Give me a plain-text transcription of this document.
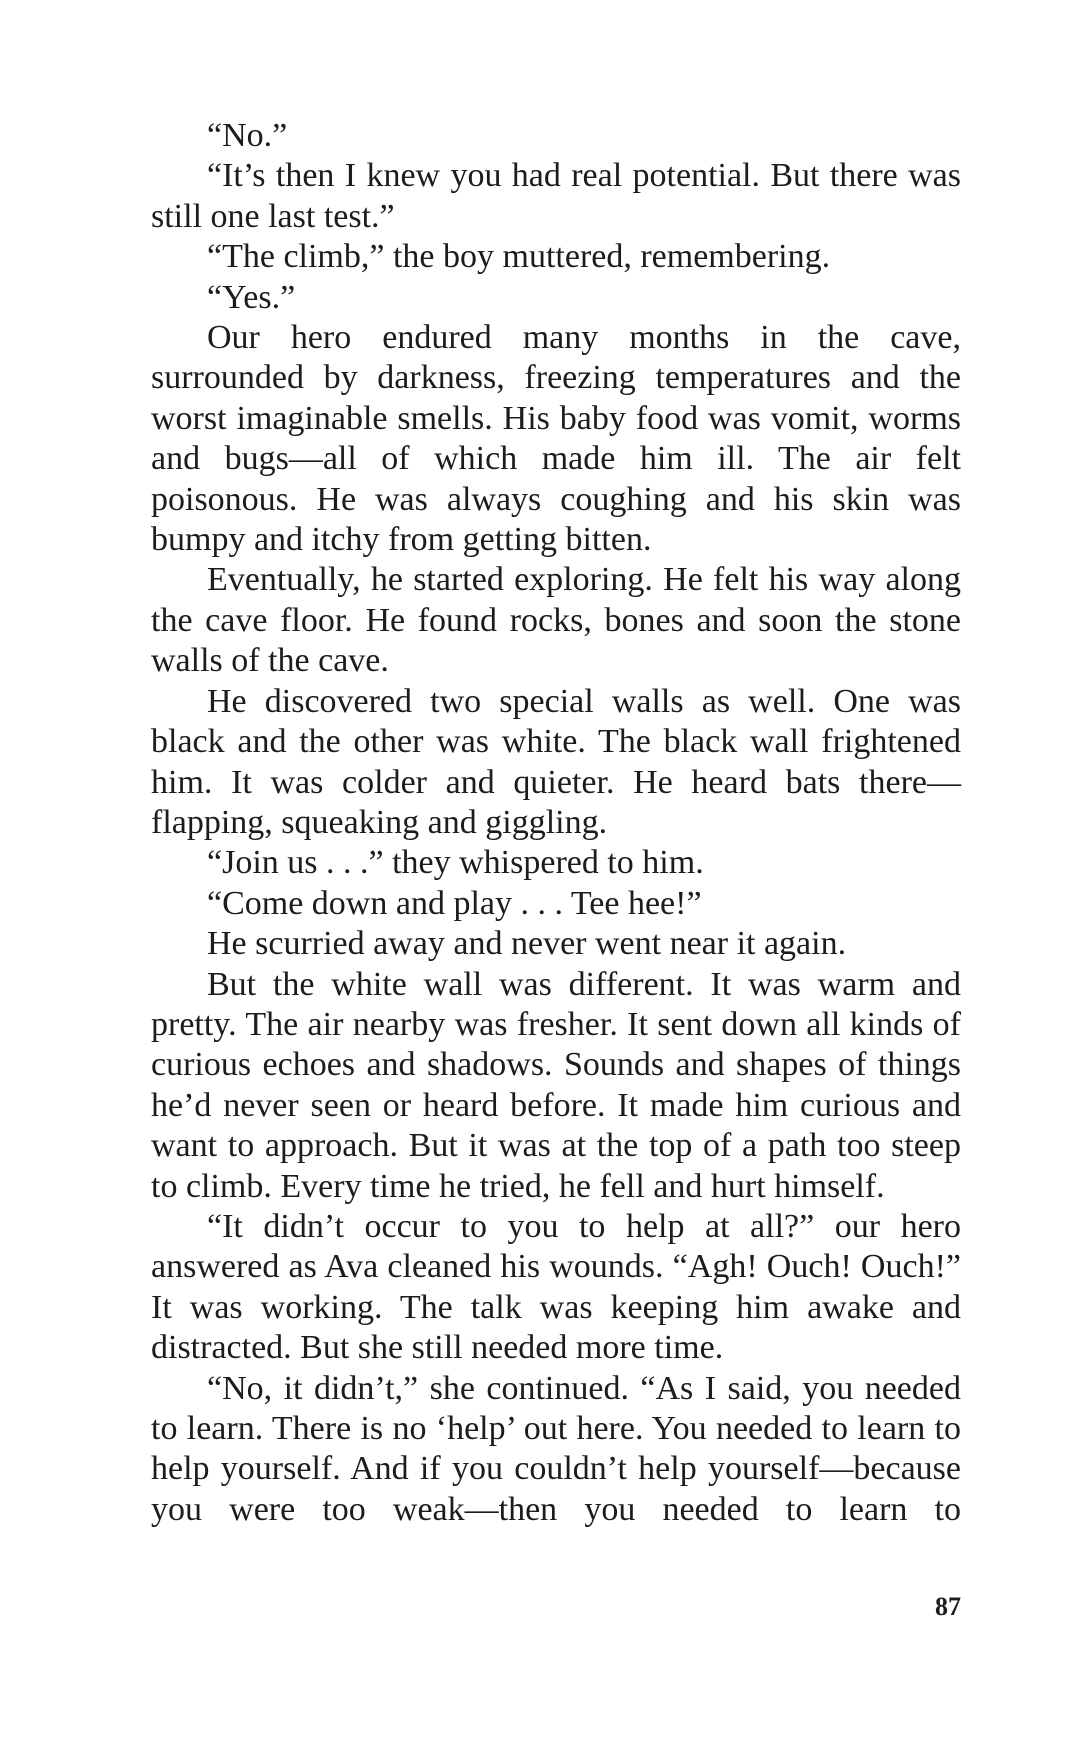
“No.”

“It’s then I knew you had real potential. But there was still one last test.”

“The climb,” the boy muttered, remembering.

“Yes.”

Our hero endured many months in the cave, surrounded by darkness, freezing temperatures and the worst imaginable smells. His baby food was vomit, worms and bugs—all of which made him ill. The air felt poisonous. He was always coughing and his skin was bumpy and itchy from getting bitten.

Eventually, he started exploring. He felt his way along the cave floor. He found rocks, bones and soon the stone walls of the cave.

He discovered two special walls as well. One was black and the other was white. The black wall frightened him. It was colder and quieter. He heard bats there—flapping, squeaking and giggling.

“Join us . . .” they whispered to him.

“Come down and play . . . Tee hee!”

He scurried away and never went near it again.

But the white wall was different. It was warm and pretty. The air nearby was fresher. It sent down all kinds of curious echoes and shadows. Sounds and shapes of things he’d never seen or heard before. It made him curious and want to approach. But it was at the top of a path too steep to climb. Every time he tried, he fell and hurt himself.

“It didn’t occur to you to help at all?” our hero answered as Ava cleaned his wounds. “Agh! Ouch! Ouch!” It was working. The talk was keeping him awake and distracted. But she still needed more time.

“No, it didn’t,” she continued. “As I said, you needed to learn. There is no ‘help’ out here. You needed to learn to help yourself. And if you couldn’t help yourself—because you were too weak—then you needed to learn to

87
